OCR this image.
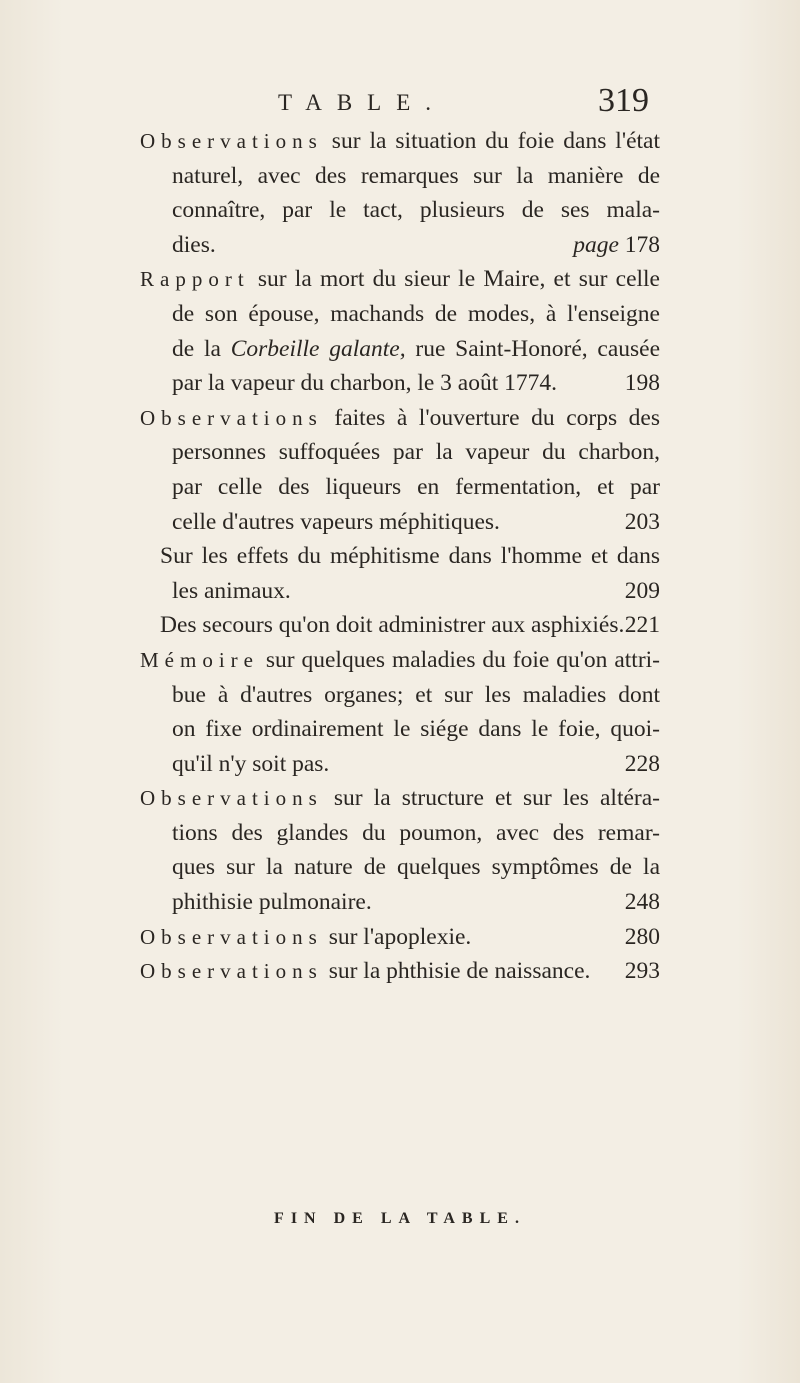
TABLE.	319
Observations sur la situation du foie dans l'état
naturel, avec des remarques sur la manière de
connaître, par le tact, plusieurs de ses mala-
dies.	page 178
Rapport sur la mort du sieur le Maire, et sur celle
de son épouse, machands de modes, à l'enseigne
de la Corbeille galante, rue Saint-Honoré, causée
par la vapeur du charbon, le 3 août 1774.	198
Observations faites à l'ouverture du corps des
personnes suffoquées par la vapeur du charbon,
par celle des liqueurs en fermentation, et par
celle d'autres vapeurs méphitiques.	203
Sur les effets du méphitisme dans l'homme et dans
les animaux.	209
Des secours qu'on doit administrer aux asphixiés. 221
Mémoire sur quelques maladies du foie qu'on attri-
bue à d'autres organes; et sur les maladies dont
on fixe ordinairement le siége dans le foie, quoi-
qu'il n'y soit pas.	228
Observations sur la structure et sur les altéra-
tions des glandes du poumon, avec des remar-
ques sur la nature de quelques symptômes de la
phithisie pulmonaire.	248
Observations sur l'apoplexie.	280
Observations sur la phthisie de naissance. 293
FIN DE LA TABLE.
